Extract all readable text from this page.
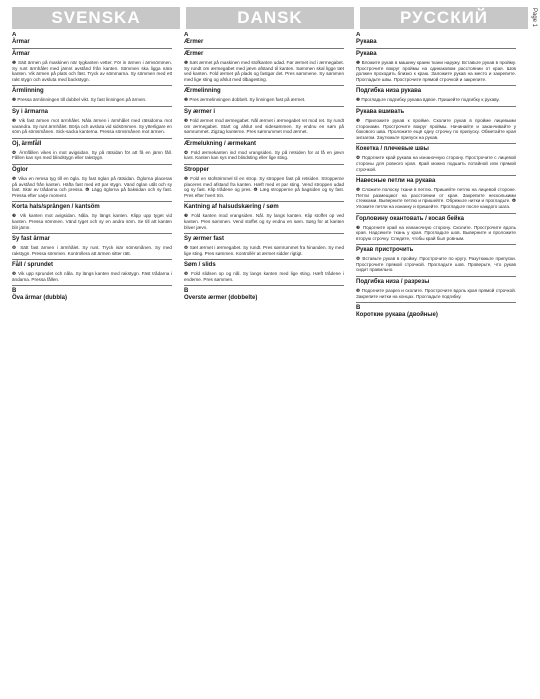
SVENSKA	DANSK	РУССКИЙ	Page 1

A

Ärmar

Ärmar

❶ Sätt ärmen på maskinen när tygkanten vetter. För in ärmen i ärmsömmen. Sy runt ärmhålet med jämnt avstånd från kanten. Sömmen ska ligga nära kanten. Vik ärmen på plats och fäst. Tryck av sömmarna. Sy sömmen med ett rakt stygn och avsluta med backstygn.

Ärmlinning

❷ Pressa ärmlinningen till dubbel vikt. Sy fast linningen på ärmen.

Sy i ärmarna

❸ Vik fast ärmen mot ärmhålet. Nåla ärmen i ärmhålet med rätsidorna mot varandra. Sy runt ärmhålet. Börja och avsluta vid sidsömmen. Sy ytterligare en söm på sömsmånen. Sick-sacka kanterna. Pressa sömsmånen mot ärmen.

Oj, ärmfåll

❹ Ärmfållen vikes in mot avigsidan. Sy på rätsidan för att få en jämn fåll. Fållen kan sys med blindstygn eller rakstygn.

Öglor

❺ Vika en remsa tyg till en ögla. Sy fast öglan på rätsidan. Öglorna placeras på avstånd från kanten. Häfta fast med ett par stygn. Vänd öglan utåt och sy fast. Skär av trådarna och pressa. ❻ Lägg öglorna på baksidan och sy fast. Pressa efter varje moment.

Korta hals/sprängen / kantsöm

❼ Vik kanten mot avigsidan. Nåla. Sy längs kanten. Klipp upp tyget vid kanten. Pressa sömmen. Vänd tyget och sy en andra söm. Se till att kanten blir jämn.

Sy fast ärmar

❽ Sätt fast ärmen i ärmhålet. Sy runt. Tryck isär sömsmånen. Sy med rakstygn. Pressa sömmen. Kontrollera att ärmen sitter rätt.

Fåll / sprundet

❾ Vik upp sprundet och nåla. Sy längs kanten med rakstygn. Fäst trådarna i ändarna. Pressa fållen.

B

Öva ärmar (dubbla)

A

Ærmer

Ærmer

❶ Sæt ærmet på maskinen med stofkanten udad. Før ærmet ind i ærmegabet. Sy rundt om ærmegabet med jævn afstand til kanten. Sømmen skal ligge tæt ved kanten. Fold ærmet på plads og fastgør det. Pres sømmene. Sy sømmen med lige sting og afslut med tilbagesting.

Ærmelinning

❷ Pres ærmelinningen dobbelt. Sy linningen fast på ærmet.

Sy ærmer i

❸ Fold ærmet mod ærmegabet. Nål ærmet i ærmegabet ret mod ret. Sy rundt om ærmegabet. Start og afslut ved sidesømmen. Sy endnu en søm på sømrummet. Zigzag kanterne. Pres sømrummet mod ærmet.

Ærmelukning / ærmekant

❹ Fold ærmekanten ind mod vrangsiden. Sy på retsiden for at få en jævn kant. Kanten kan sys med blindsting eller lige sting.

Stropper

❺ Fold en stofstrimmel til en strop. Sy stroppen fast på retsiden. Stropperne placeres med afstand fra kanten. Hæft med et par sting. Vend stroppen udad og sy fast. Klip trådene og pres. ❻ Læg stropperne på bagsiden og sy fast. Pres efter hvert trin.

Kantning af halsudskæring / søm

❼ Fold kanten mod vrangsiden. Nål. Sy langs kanten. Klip stoffet op ved kanten. Pres sømmen. Vend stoffet og sy endnu en søm. Sørg for at kanten bliver jævn.

Sy ærmer fast

❽ Sæt ærmet i ærmegabet. Sy rundt. Pres sømrummet fra hinanden. Sy med lige sting. Pres sømmen. Kontrollér at ærmet sidder rigtigt.

Søm / slids

❾ Fold slidsen op og nål. Sy langs kanten med lige sting. Hæft trådene i enderne. Pres sømmen.

B

Overste ærmer (dobbelte)

A

Рукава

Рукава

❶ Вложите рукав в машину краем ткани наружу. Вставьте рукав в пройму. Прострочите вокруг проймы на одинаковом расстоянии от края. Шов должен проходить близко к краю. Заложите рукав на место и закрепите. Прогладьте швы. Прострочите прямой строчкой и закрепите.

Подгибка низа рукава

❷ Прогладьте подгибку рукава вдвое. Пришейте подгибку к рукаву.

Рукава вшивать

❸ Приложите рукав к пройме. Сколите рукав в пройме лицевыми сторонами. Прострочите вокруг проймы. Начинайте и заканчивайте у бокового шва. Проложите ещё одну строчку по припуску. Обметайте края зигзагом. Заутюжьте припуск на рукав.

Кокетка / плечевые швы

❹ Подогните край рукава на изнаночную сторону. Прострочите с лицевой стороны для ровного края. Край можно подшить потайной или прямой строчкой.

Навесные петли на рукава

❺ Сложите полоску ткани в петлю. Пришейте петлю на лицевой стороне. Петли размещают на расстоянии от края. Закрепите несколькими стежками. Выверните петлю и пришейте. Обрежьте нитки и прогладьте. ❻ Уложите петли на изнанку и пришейте. Прогладьте после каждого шага.

Горловину окантовать / косая бейка

❼ Подогните край на изнаночную сторону. Сколите. Прострочите вдоль края. Надсеките ткань у края. Прогладьте шов. Выверните и проложите вторую строчку. Следите, чтобы край был ровным.

Рукав пристрочить

❽ Вставьте рукав в пройму. Прострочите по кругу. Разутюжьте припуски. Прострочите прямой строчкой. Прогладьте шов. Проверьте, что рукав сидит правильно.

Подгибка низа / разрезы

❾ Подогните разрез и сколите. Прострочите вдоль края прямой строчкой. Закрепите нитки на концах. Прогладьте подгибку.

B

Короткие рукава (двойные)
